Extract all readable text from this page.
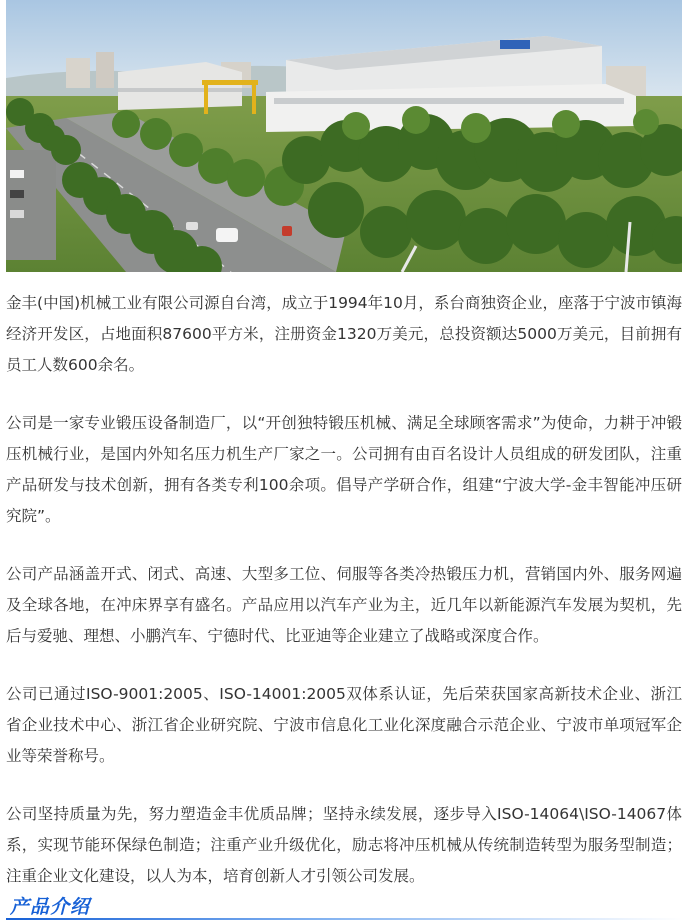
金丰(中国)机械工业有限公司源自台湾，成立于1994年10月，系台商独资企业，座落于宁波市镇海经济开发区，占地面积87600平方米，注册资金1320万美元，总投资额达5000万美元，目前拥有员工人数600余名。

公司是一家专业锻压设备制造厂，以“开创独特锻压机械、满足全球顾客需求”为使命，力耕于冲锻压机械行业，是国内外知名压力机生产厂家之一。公司拥有由百名设计人员组成的研发团队，注重产品研发与技术创新，拥有各类专利100余项。倡导产学研合作，组建“宁波大学-金丰智能冲压研究院”。

公司产品涵盖开式、闭式、高速、大型多工位、伺服等各类冷热锻压力机，营销国内外、服务网遍及全球各地，在冲床界享有盛名。产品应用以汽车产业为主，近几年以新能源汽车发展为契机，先后与爱驰、理想、小鹏汽车、宁德时代、比亚迪等企业建立了战略或深度合作。

公司已通过ISO-9001:2005、ISO-14001:2005双体系认证，先后荣获国家高新技术企业、浙江省企业技术中心、浙江省企业研究院、宁波市信息化工业化深度融合示范企业、宁波市单项冠军企业等荣誉称号。

公司坚持质量为先，努力塑造金丰优质品牌；坚持永续发展，逐步导入ISO-14064\ISO-14067体系，实现节能环保绿色制造；注重产业升级优化，励志将冲压机械从传统制造转型为服务型制造；注重企业文化建设，以人为本，培育创新人才引领公司发展。

产品介绍
